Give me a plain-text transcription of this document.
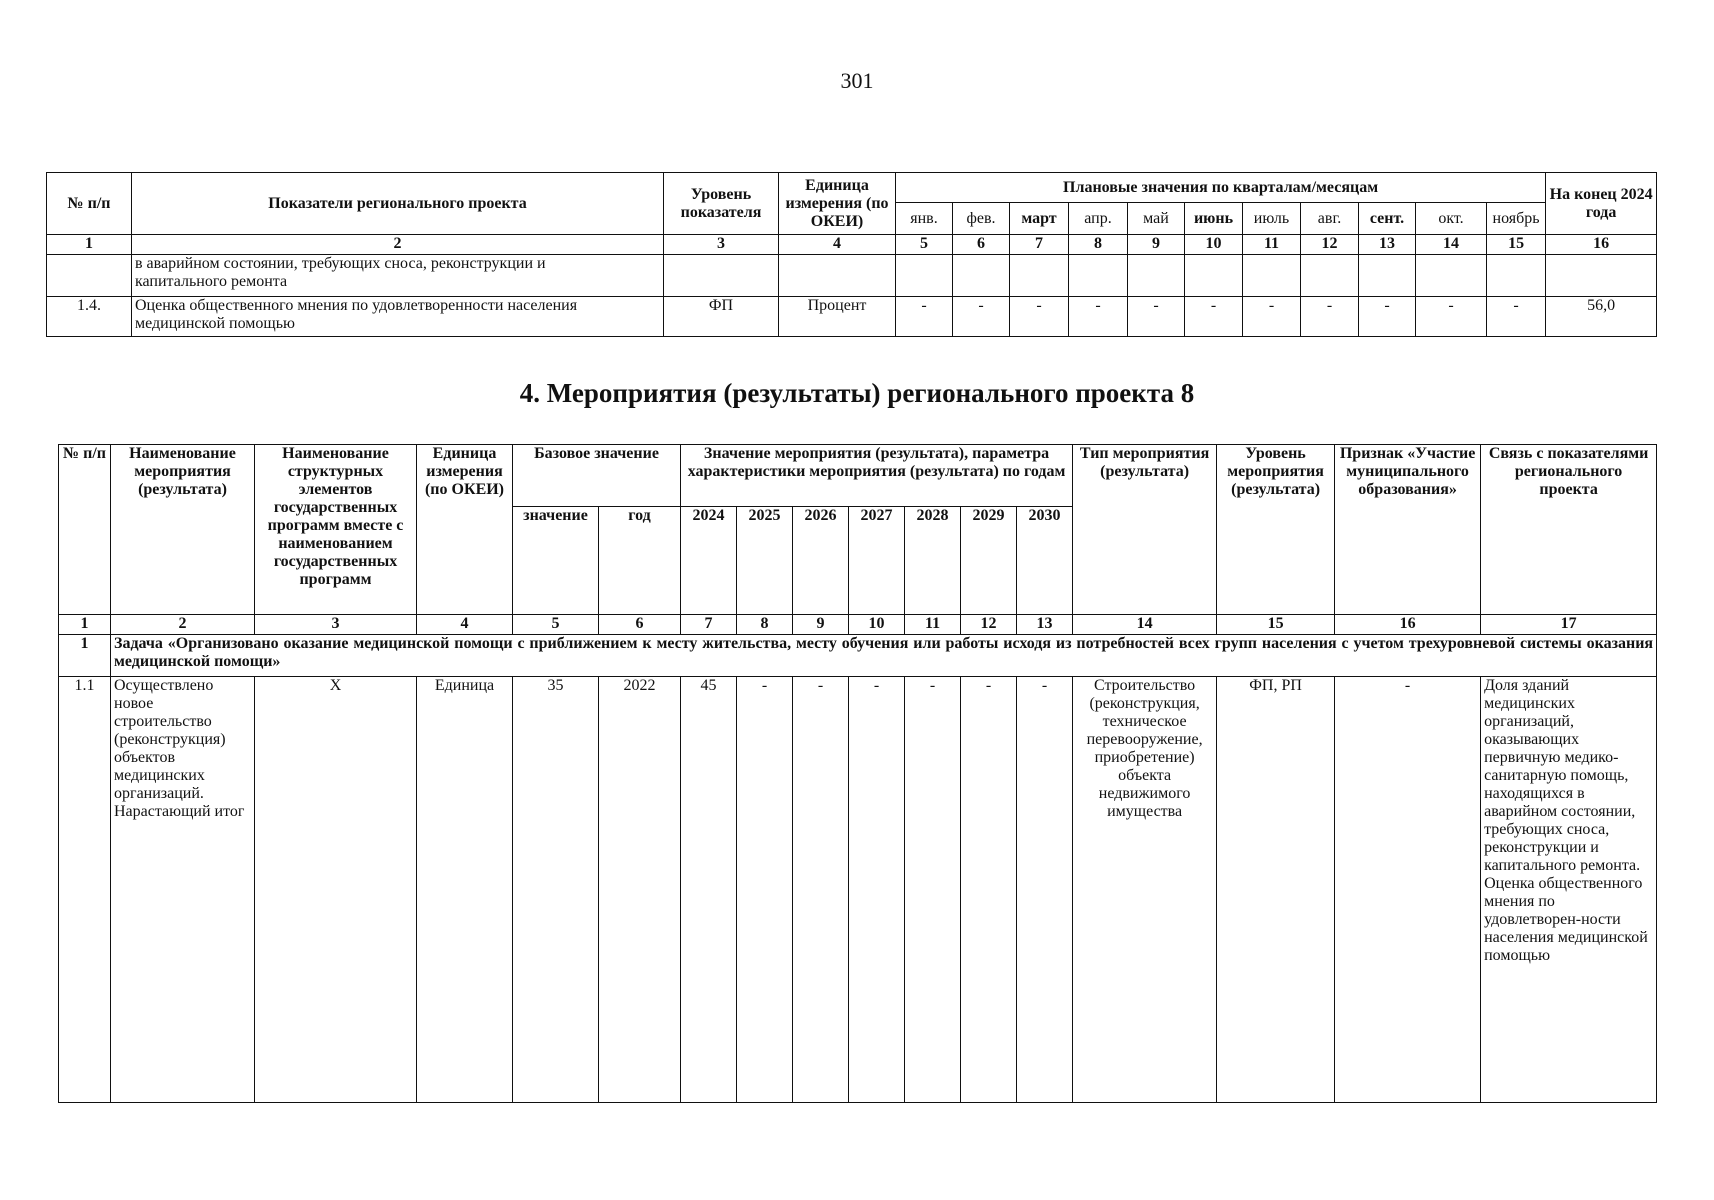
301
№ п/п	Показатели регионального проекта	Уровень показателя	Единица измерения (по ОКЕИ)	Плановые значения по кварталам/месяцам											На конец 2024 года
				янв.	фев.	март	апр.	май	июнь	июль	авг.	сент.	окт.	ноябрь	
1	2	3	4	5	6	7	8	9	10	11	12	13	14	15	16
	в аварийном состоянии, требующих сноса, реконструкции и капитального ремонта														
1.4.	Оценка общественного мнения по удовлетворенности населения медицинской помощью	ФП	Процент	-	-	-	-	-	-	-	-	-	-	-	56,0
4. Мероприятия (результаты) регионального проекта 8
№ п/п	Наименование мероприятия (результата)	Наименование структурных элементов государственных программ вместе с наименованием государственных программ	Единица измерения (по ОКЕИ)	Базовое значение		Значение мероприятия (результата), параметра характеристики мероприятия (результата) по годам							Тип мероприятия (результата)	Уровень мероприятия (результата)	Признак «Участие муниципального образования»	Связь с показателями регионального проекта
				значение	год	2024	2025	2026	2027	2028	2029	2030				
1	2	3	4	5	6	7	8	9	10	11	12	13	14	15	16	17
1	Задача «Организовано оказание медицинской помощи с приближением к месту жительства, месту обучения или работы исходя из потребностей всех групп населения с учетом трехуровневой системы оказания медицинской помощи»															
1.1	Осуществлено новое строительство (реконструкция) объектов медицинских организаций. Нарастающий итог	X	Единица	35	2022	45	-	-	-	-	-	-	Строительство (реконструкция, техническое перевооружение, приобретение) объекта недвижимого имущества	ФП, РП	-	Доля зданий медицинских организаций, оказывающих первичную медико-санитарную помощь, находящихся в аварийном состоянии, требующих сноса, реконструкции и капитального ремонта. Оценка общественного мнения по удовлетворен-ности населения медицинской помощью
